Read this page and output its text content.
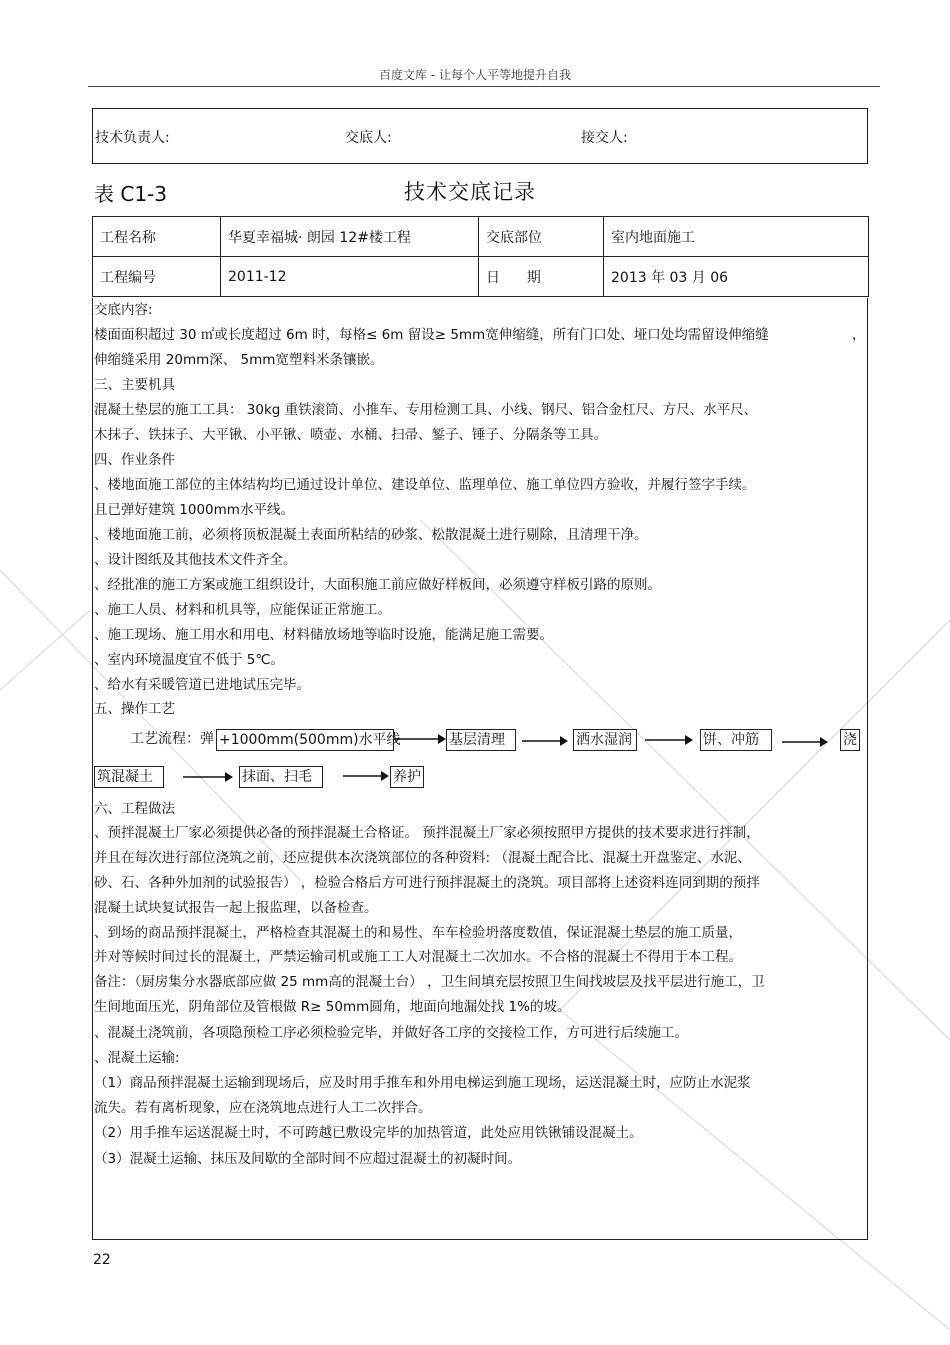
百度文库 - 让每个人平等地提升自我
技术负责人:	交底人:	接交人:
表 C1-3	技术交底记录
工程名称	华夏幸福城· 朗园 12#楼工程	交底部位	室内地面施工
工程编号	2011-12	日      期	2013 年 03 月 06
交底内容:
楼面面积超过 30 ㎡或长度超过 6m 时，每格≤ 6m 留设≥ 5mm宽伸缩缝，所有门口处、垭口处均需留设伸缩缝	，
伸缩缝采用 20mm深、 5mm宽塑料米条镶嵌。
三、主要机具
混凝土垫层的施工工具： 30kg 重铁滚筒、小推车、专用检测工具、小线、钢尺、铝合金杠尺、方尺、水平尺、
木抹子、铁抹子、大平锹、小平锹、喷壶、水桶、扫帚、錾子、锤子、分隔条等工具。
四、作业条件
、楼地面施工部位的主体结构均已通过设计单位、建设单位、监理单位、施工单位四方验收，并履行签字手续。
且已弹好建筑 1000mm水平线。
、楼地面施工前，必须将顶板混凝土表面所粘结的砂浆、松散混凝土进行剔除，且清理干净。
、设计图纸及其他技术文件齐全。
、经批准的施工方案或施工组织设计，大面积施工前应做好样板间，必须遵守样板引路的原则。
、施工人员、材料和机具等，应能保证正常施工。
、施工现场、施工用水和用电、材料储放场地等临时设施，能满足施工需要。
、室内环境温度宜不低于 5℃。
、给水有采暖管道已进地试压完毕。
五、操作工艺
工艺流程：弹 +1000mm(500mm)水平线	基层清理	洒水湿润	饼、冲筋	浇
筑混凝土	抹面、扫毛	养护
六、工程做法
、预拌混凝土厂家必须提供必备的预拌混凝土合格证。 预拌混凝土厂家必须按照甲方提供的技术要求进行拌制，
并且在每次进行部位浇筑之前，还应提供本次浇筑部位的各种资料: （混凝土配合比、混凝土开盘鉴定、水泥、
砂、石、各种外加剂的试验报告） ，检验合格后方可进行预拌混凝土的浇筑。项目部将上述资料连同到期的预拌
混凝土试块复试报告一起上报监理，以备检查。
、到场的商品预拌混凝土，严格检查其混凝土的和易性、车车检验坍落度数值，保证混凝土垫层的施工质量，
并对等候时间过长的混凝土，严禁运输司机或施工工人对混凝土二次加水。不合格的混凝土不得用于本工程。
备注：（厨房集分水器底部应做 25 mm高的混凝土台） ，卫生间填充层按照卫生间找坡层及找平层进行施工，卫
生间地面压光，阴角部位及管根做 R≥ 50mm圆角，地面向地漏处找 1%的坡。
、混凝土浇筑前，各项隐预检工序必须检验完毕，并做好各工序的交接检工作，方可进行后续施工。
、混凝土运输:
（1）商品预拌混凝土运输到现场后，应及时用手推车和外用电梯运到施工现场，运送混凝土时，应防止水泥浆
流失。若有离析现象，应在浇筑地点进行人工二次拌合。
（2）用手推车运送混凝土时，不可跨越已敷设完毕的加热管道，此处应用铁锹铺设混凝土。
（3）混凝土运输、抹压及间歇的全部时间不应超过混凝土的初凝时间。
22
